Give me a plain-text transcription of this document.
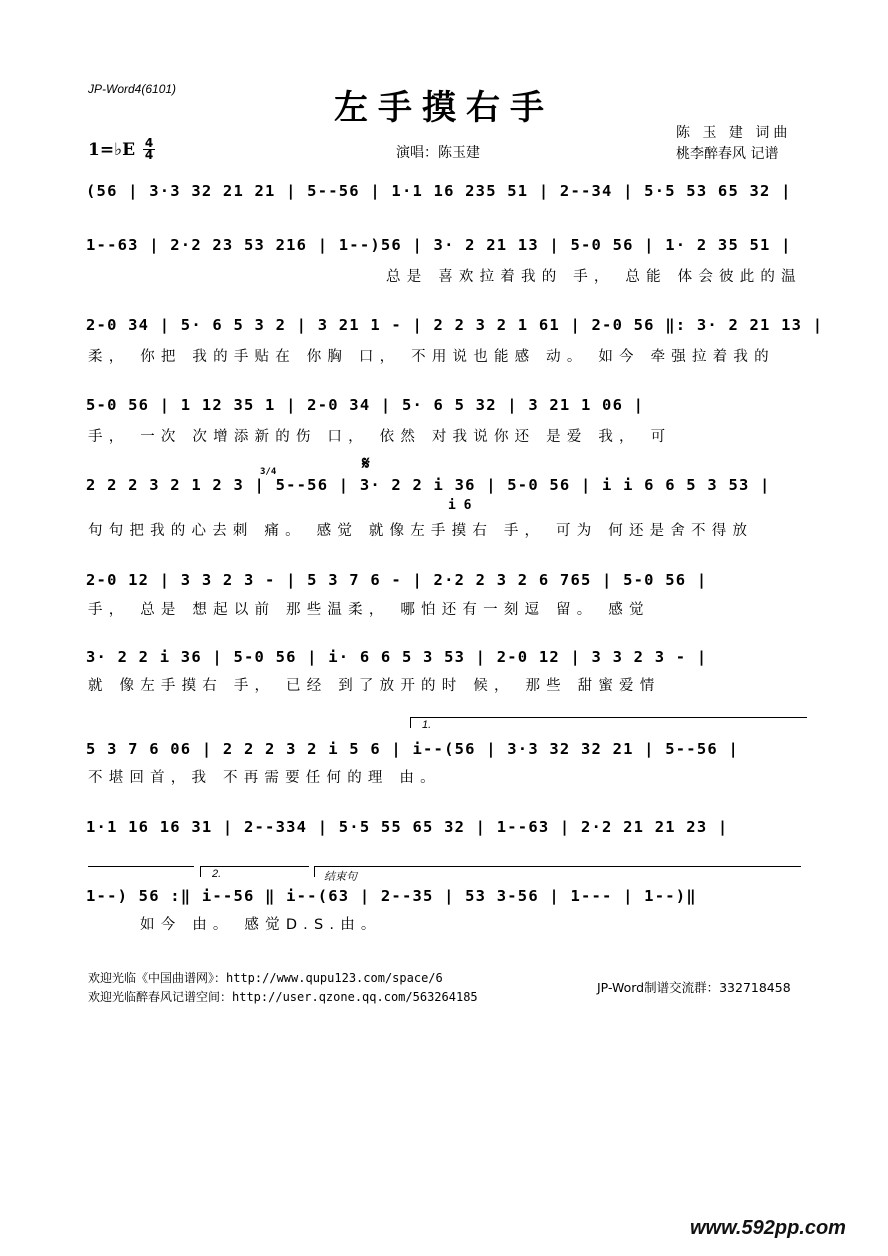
JP-Word4(6101)	左手摸右手
陈 玉 建 词曲
桃李醉春风 记谱
演唱：陈玉建
1=♭E 4
4
(56 | 3·3 32 21 21 | 5--56 | 1·1 16 235 51 | 2--34 | 5·5 53 65 32 |
1--63 | 2·2 23 53 216 | 1--)56 | 3· 2 21 13 | 5-0 56 | 1· 2 35 51 |
总是 喜欢拉着我的 手， 总能 体会彼此的温
2-0 34 | 5· 6 5 3 2 | 3 21 1 - | 2 2 3 2 1 61 | 2-0 56 ‖: 3· 2 21 13 |
柔， 你把 我的手贴在 你胸 口， 不用说也能感 动。 如今 牵强拉着我的
5-0 56 | 1 12 35 1 | 2-0 34 | 5· 6 5 32 | 3 21 1 06 |
手， 一次 次增添新的伤 口， 依然 对我说你还 是爱 我， 可
𝄋
2 2 2 3 2 1 2 3 | 5--56 | 3· 2 2 i 36 | 5-0 56 | i i 6 6 5 3 53 |
3/4
i 6
句句把我的心去刺 痛。 感觉 就像左手摸右 手， 可为 何还是舍不得放
2-0 12 | 3 3 2 3 - | 5 3 7 6 - | 2·2 2 3 2 6 765 | 5-0 56 |
手， 总是 想起以前 那些温柔， 哪怕还有一刻逗 留。 感觉
3· 2 2 i 36 | 5-0 56 | i· 6 6 5 3 53 | 2-0 12 | 3 3 2 3 - |
就 像左手摸右 手， 已经 到了放开的时 候， 那些 甜蜜爱情
1.
5 3 7 6 06 | 2 2 2 3 2 i 5 6 | i--(56 | 3·3 32 32 21 | 5--56 |
不堪回首，我 不再需要任何的理 由。
1·1 16 16 31 | 2--334 | 5·5 55 65 32 | 1--63 | 2·2 21 21 23 |
2.	结束句
1--) 56 :‖ i--56 ‖ i--(63 | 2--35 | 53 3-56 | 1--- | 1--)‖
如今 由。 感觉D.S.由。
欢迎光临《中国曲谱网》：http://www.qupu123.com/space/6
欢迎光临醉春风记谱空间：http://user.qzone.qq.com/563264185
JP-Word制谱交流群：332718458
www.592pp.com
